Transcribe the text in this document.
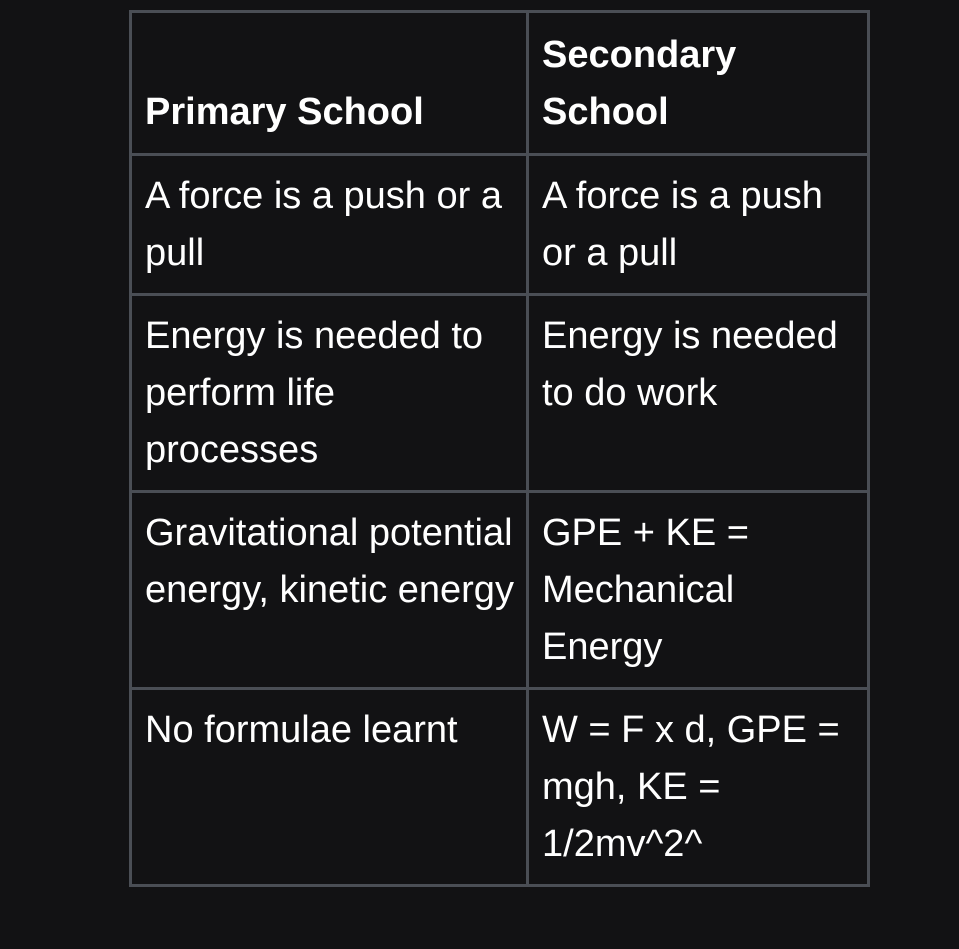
Primary School	Secondary School
A force is a push or a pull	A force is a push or a pull
Energy is needed to perform life processes	Energy is needed to do work
Gravitational potential energy, kinetic energy	GPE + KE = Mechanical Energy
No formulae learnt	W = F x d, GPE = mgh, KE = 1/2mv^2^
